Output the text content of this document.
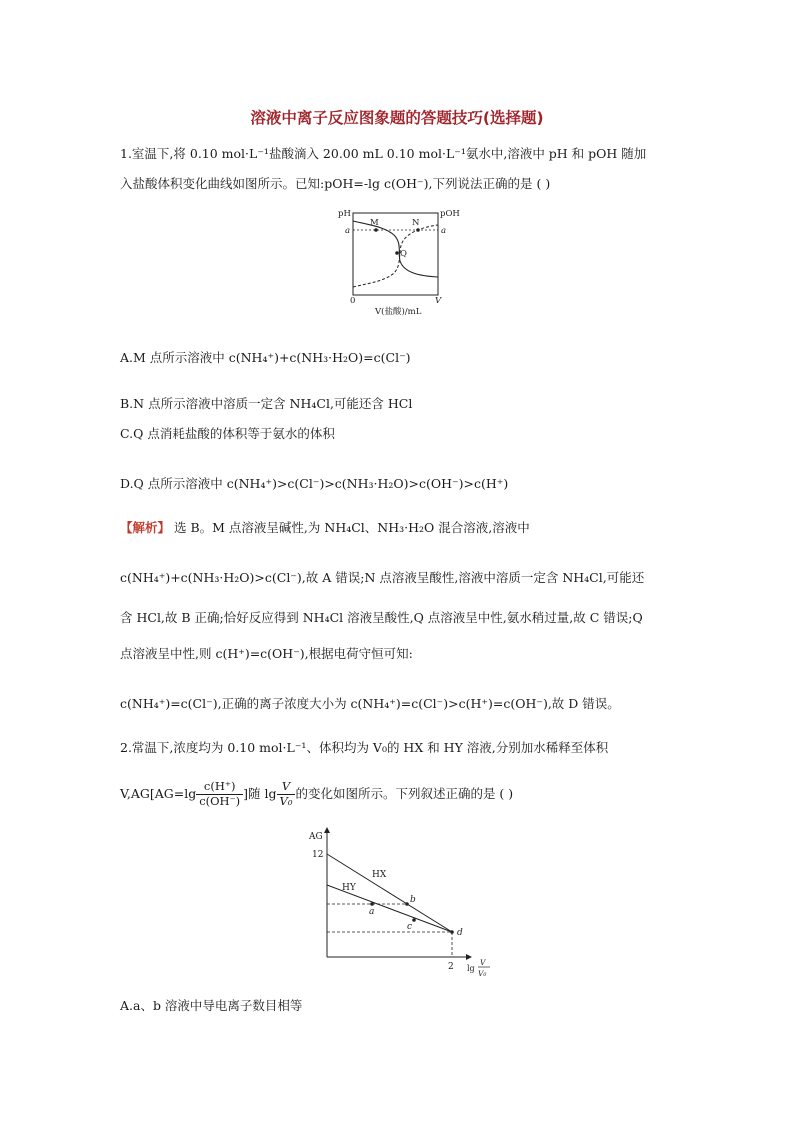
溶液中离子反应图象题的答题技巧(选择题)
1.室温下,将 0.10 mol·L⁻¹盐酸滴入 20.00 mL 0.10 mol·L⁻¹氨水中,溶液中 pH 和 pOH 随加
入盐酸体积变化曲线如图所示。已知:pOH=-lg c(OH⁻),下列说法正确的是 ( )
pH	pOH
a	a
M	N
Q
0	V
V(盐酸)/mL
A.M 点所示溶液中 c(NH₄⁺)+c(NH₃·H₂O)=c(Cl⁻)
B.N 点所示溶液中溶质一定含 NH₄Cl,可能还含 HCl
C.Q 点消耗盐酸的体积等于氨水的体积
D.Q 点所示溶液中 c(NH₄⁺)>c(Cl⁻)>c(NH₃·H₂O)>c(OH⁻)>c(H⁺)
【解析】 选 B。M 点溶液呈碱性,为 NH₄Cl、NH₃·H₂O 混合溶液,溶液中
c(NH₄⁺)+c(NH₃·H₂O)>c(Cl⁻),故 A 错误;N 点溶液呈酸性,溶液中溶质一定含 NH₄Cl,可能还
含 HCl,故 B 正确;恰好反应得到 NH₄Cl 溶液呈酸性,Q 点溶液呈中性,氨水稍过量,故 C 错误;Q
点溶液呈中性,则 c(H⁺)=c(OH⁻),根据电荷守恒可知:
c(NH₄⁺)=c(Cl⁻),正确的离子浓度大小为 c(NH₄⁺)=c(Cl⁻)>c(H⁺)=c(OH⁻),故 D 错误。
2.常温下,浓度均为 0.10 mol·L⁻¹、体积均为 V₀的 HX 和 HY 溶液,分别加水稀释至体积
$V,AG[AG=\lg \frac{c(H^+)}{c(OH^-)}$ ]随 $\lg \frac{V}{\text{V₀}}$ 的变化如图所示。下列叙述正确的是 ( )
AG
12
HX
HY
a
b
c
d
2 lg
V
V₀
A.a、b 溶液中导电离子数目相等
